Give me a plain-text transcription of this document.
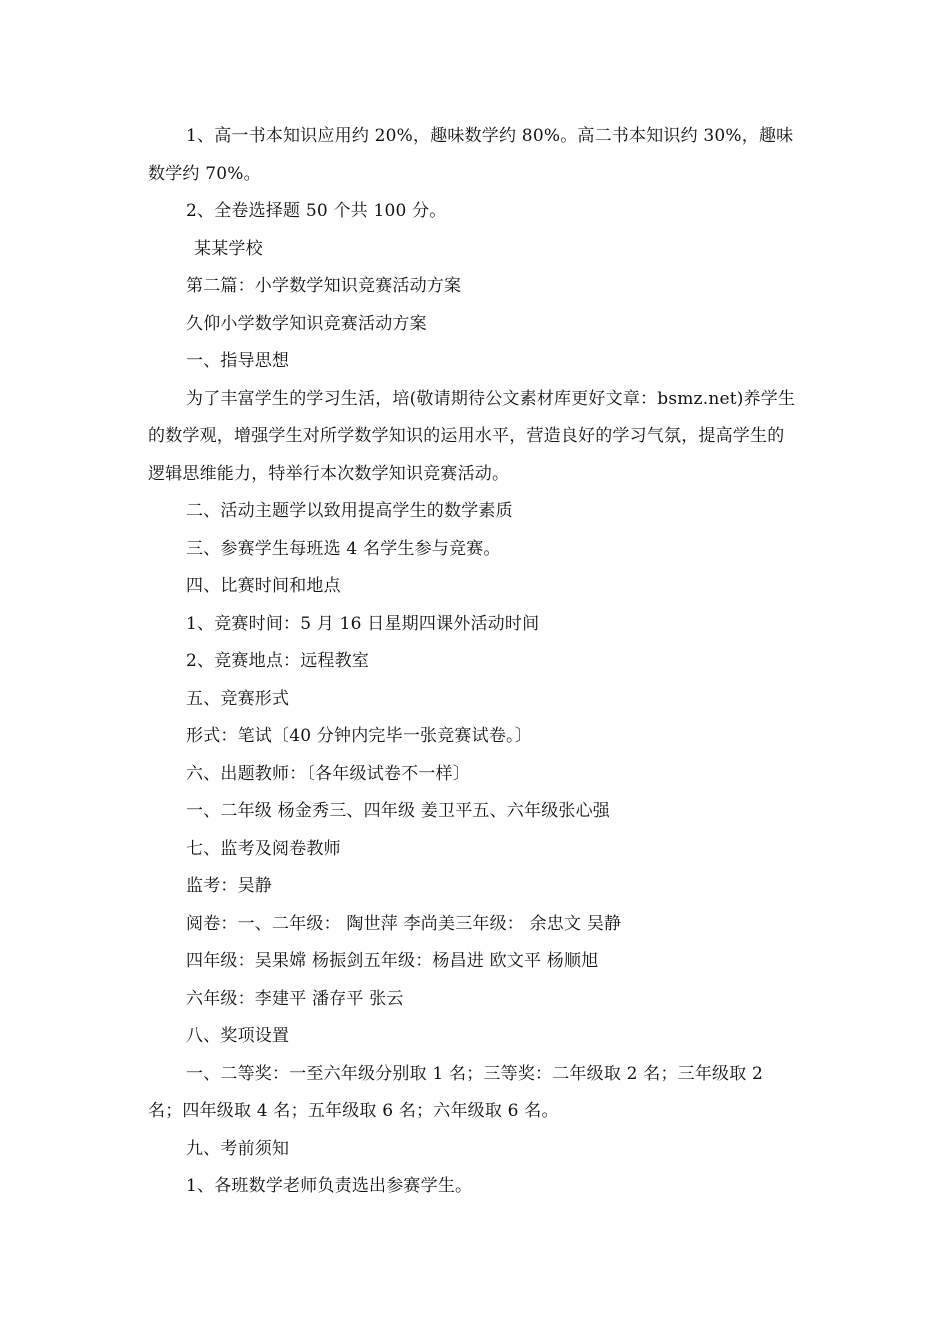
1、高一书本知识应用约 20%，趣味数学约 80%。高二书本知识约 30%，趣味数学约 70%。

2、全卷选择题 50 个共 100 分。

某某学校

第二篇：小学数学知识竞赛活动方案

久仰小学数学知识竞赛活动方案

一、指导思想

为了丰富学生的学习生活，培(敬请期待公文素材库更好文章：bsmz.net)养学生的数学观，增强学生对所学数学知识的运用水平，营造良好的学习气氛，提高学生的逻辑思维能力，特举行本次数学知识竞赛活动。

二、活动主题学以致用提高学生的数学素质

三、参赛学生每班选 4 名学生参与竞赛。

四、比赛时间和地点

1、竞赛时间：5 月 16 日星期四课外活动时间

2、竞赛地点：远程教室

五、竞赛形式

形式：笔试〔40 分钟内完毕一张竞赛试卷。〕

六、出题教师：〔各年级试卷不一样〕

一、二年级 杨金秀三、四年级 姜卫平五、六年级张心强

七、监考及阅卷教师

监考：吴静

阅卷：一、二年级： 陶世萍 李尚美三年级： 余忠文 吴静

四年级：吴果嫦 杨振剑五年级：杨昌进 欧文平 杨顺旭

六年级：李建平 潘存平 张云

八、奖项设置

一、二等奖：一至六年级分别取 1 名；三等奖：二年级取 2 名；三年级取 2 名；四年级取 4 名；五年级取 6 名；六年级取 6 名。

九、考前须知

1、各班数学老师负责选出参赛学生。
